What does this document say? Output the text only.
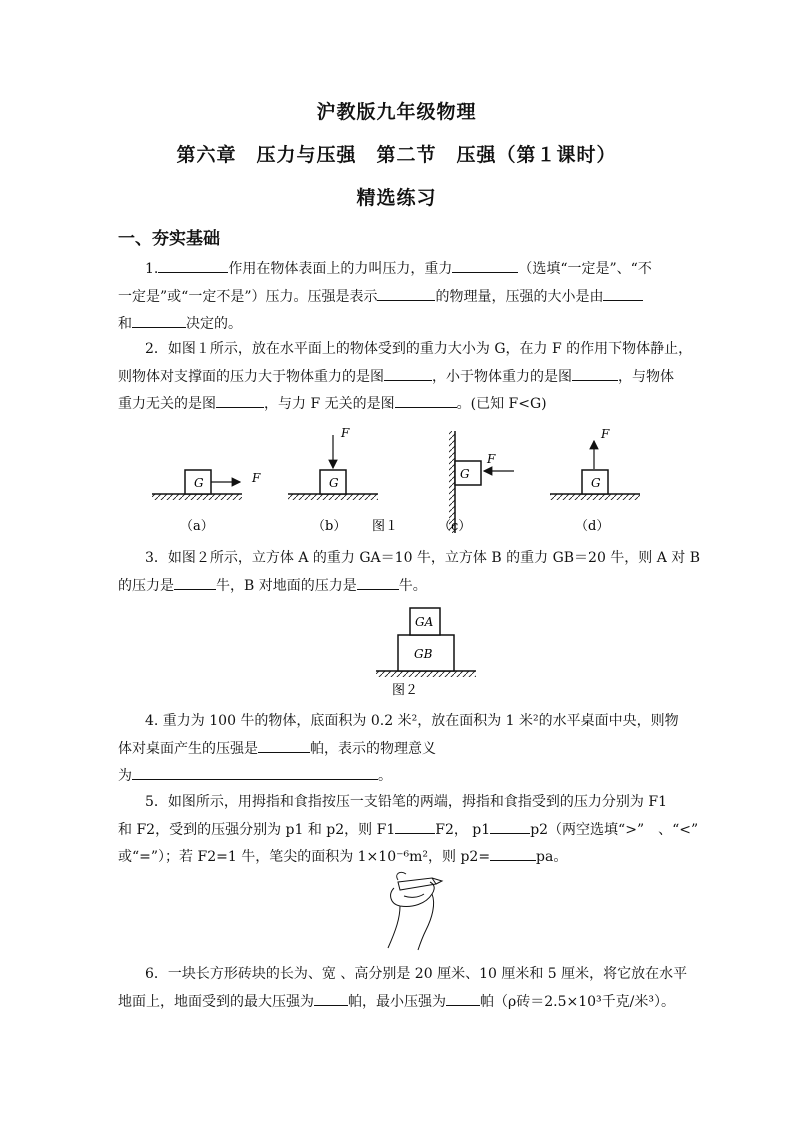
沪教版九年级物理
第六章　压力与压强　第二节　压强（第１课时）
精选练习
一、夯实基础
1.	作用在物体表面上的力叫压力，重力	（选填“一定是”、“不
一定是”或“一定不是”）压力。压强是表示	的物理量，压强的大小是由
和	决定的。
2．如图１所示，放在水平面上的物体受到的重力大小为 G，在力 F 的作用下物体静止，
则物体对支撑面的压力大于物体重力的是图	，小于物体重力的是图	，与物体
重力无关的是图	，与力 F 无关的是图	。(已知 F<G)
G	F
（a）
G
F
（b） 图１
G
F
（c）
G
F
（d）
3．如图２所示，立方体 A 的重力 GA＝10 牛，立方体 B 的重力 GB＝20 牛，则 A 对 B
的压力是	牛，B 对地面的压力是	牛。
GB
GA
图２
4. 重力为 100 牛的物体，底面积为 0.2 米²，放在面积为 1 米²的水平桌面中央，则物
体对桌面产生的压强是	帕，表示的物理意义
为	。
5．如图所示，用拇指和食指按压一支铅笔的两端，拇指和食指受到的压力分别为 F1
和 F2，受到的压强分别为 p1 和 p2，则 F1	F2， p1	p2（两空选填“>”　、“<”
或“=”）；若 F2=1 牛，笔尖的面积为 1×10⁻⁶m²，则 p2=	pa。
6．一块长方形砖块的长为、宽 、高分别是 20 厘米、10 厘米和 5 厘米，将它放在水平
地面上，地面受到的最大压强为 帕，最小压强为 帕（ρ砖＝2.5×10³千克/米³）。
